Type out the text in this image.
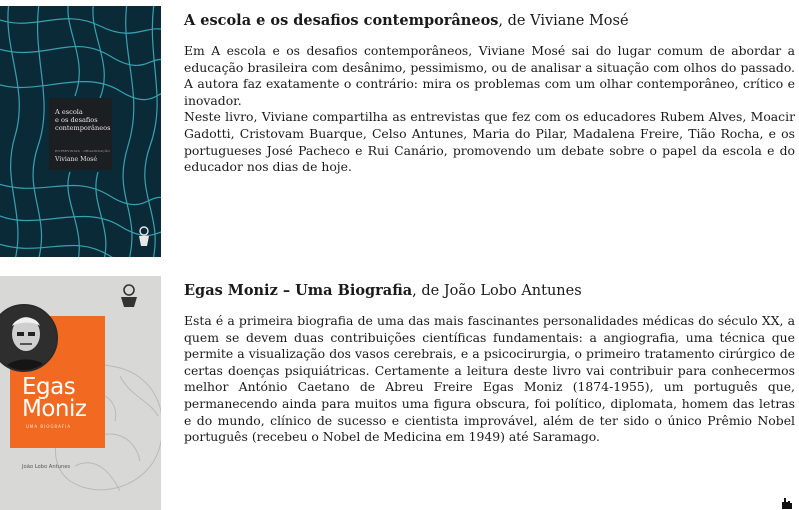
A escola
e os desafios
contemporâneos
ENTREVISTAS · ORGANIZAÇÃO
Viviane Mosé
A escola e os desafios contemporâneos, de Viviane Mosé

Em A escola e os desafios contemporâneos, Viviane Mosé sai do lugar comum de abordar a educação brasileira com desânimo, pessimismo, ou de analisar a situação com olhos do passado. A autora faz exatamente o contrário: mira os problemas com um olhar contemporâneo, crítico e inovador.

Neste livro, Viviane compartilha as entrevistas que fez com os educadores Rubem Alves, Moacir Gadotti, Cristovam Buarque, Celso Antunes, Maria do Pilar, Madalena Freire, Tião Rocha, e os portugueses José Pacheco e Rui Canário, promovendo um debate sobre o papel da escola e do educador nos dias de hoje.

Egas
Moniz
UMA BIOGRAFIA
João Lobo Antunes
Egas Moniz – Uma Biografia, de João Lobo Antunes

Esta é a primeira biografia de uma das mais fascinantes personalidades médicas do século XX, a quem se devem duas contribuições científicas fundamentais: a angiografia, uma técnica que permite a visualização dos vasos cerebrais, e a psicocirurgia, o primeiro tratamento cirúrgico de certas doenças psiquiátricas. Certamente a leitura deste livro vai contribuir para conhecermos melhor António Caetano de Abreu Freire Egas Moniz (1874-1955), um português que, permanecendo ainda para muitos uma figura obscura, foi político, diplomata, homem das letras e do mundo, clínico de sucesso e cientista improvável, além de ter sido o único Prêmio Nobel português (recebeu o Nobel de Medicina em 1949) até Saramago.
